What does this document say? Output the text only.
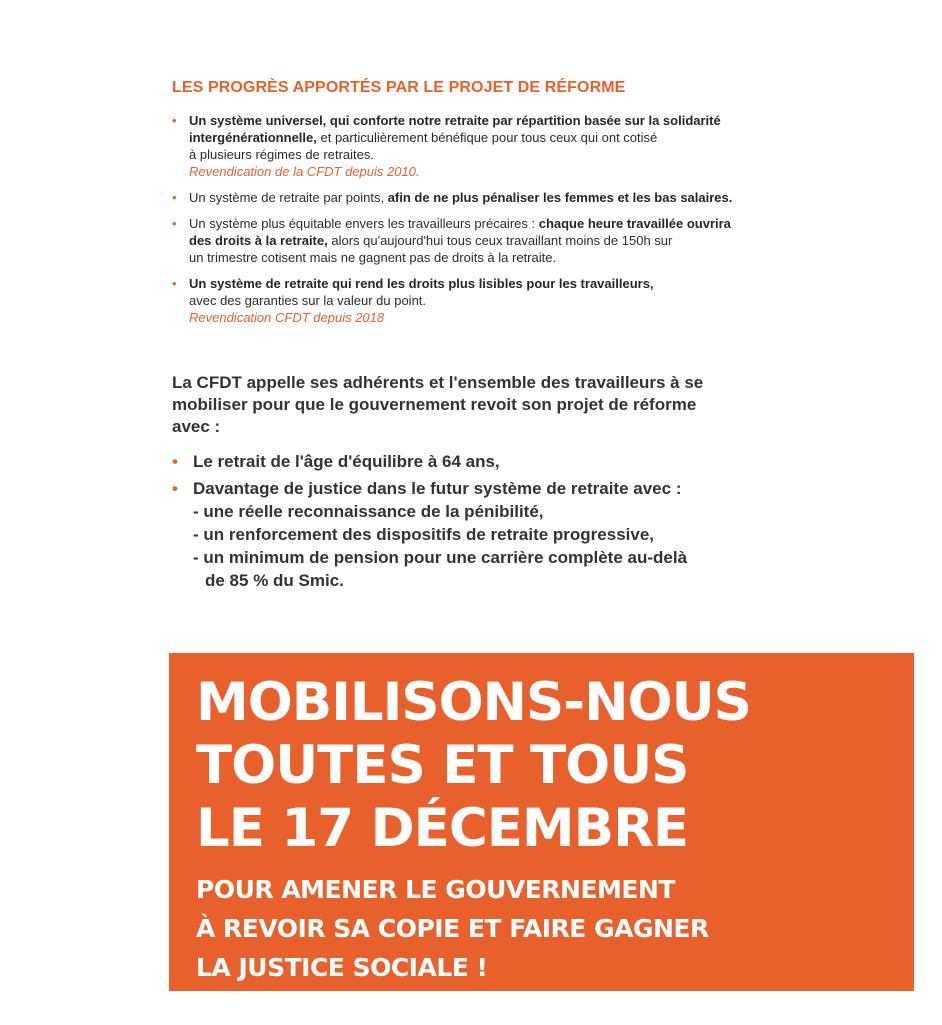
LES PROGRÈS APPORTÉS PAR LE PROJET DE RÉFORME
• Un système universel, qui conforte notre retraite par répartition basée sur la solidarité
intergénérationnelle, et particulièrement bénéfique pour tous ceux qui ont cotisé
à plusieurs régimes de retraites.
Revendication de la CFDT depuis 2010.
• Un système de retraite par points, afin de ne plus pénaliser les femmes et les bas salaires.
• Un système plus équitable envers les travailleurs précaires : chaque heure travaillée ouvrira
des droits à la retraite, alors qu'aujourd'hui tous ceux travaillant moins de 150h sur
un trimestre cotisent mais ne gagnent pas de droits à la retraite.
• Un système de retraite qui rend les droits plus lisibles pour les travailleurs,
avec des garanties sur la valeur du point.
Revendication CFDT depuis 2018
La CFDT appelle ses adhérents et l'ensemble des travailleurs à se
mobiliser pour que le gouvernement revoit son projet de réforme
avec :
• Le retrait de l'âge d'équilibre à 64 ans,
• Davantage de justice dans le futur système de retraite avec :
- une réelle reconnaissance de la pénibilité,
- un renforcement des dispositifs de retraite progressive,
- un minimum de pension pour une carrière complète au-delà
de 85 % du Smic.
MOBILISONS-NOUS
TOUTES ET TOUS
LE 17 DÉCEMBRE
POUR AMENER LE GOUVERNEMENT
À REVOIR SA COPIE ET FAIRE GAGNER
LA JUSTICE SOCIALE !
